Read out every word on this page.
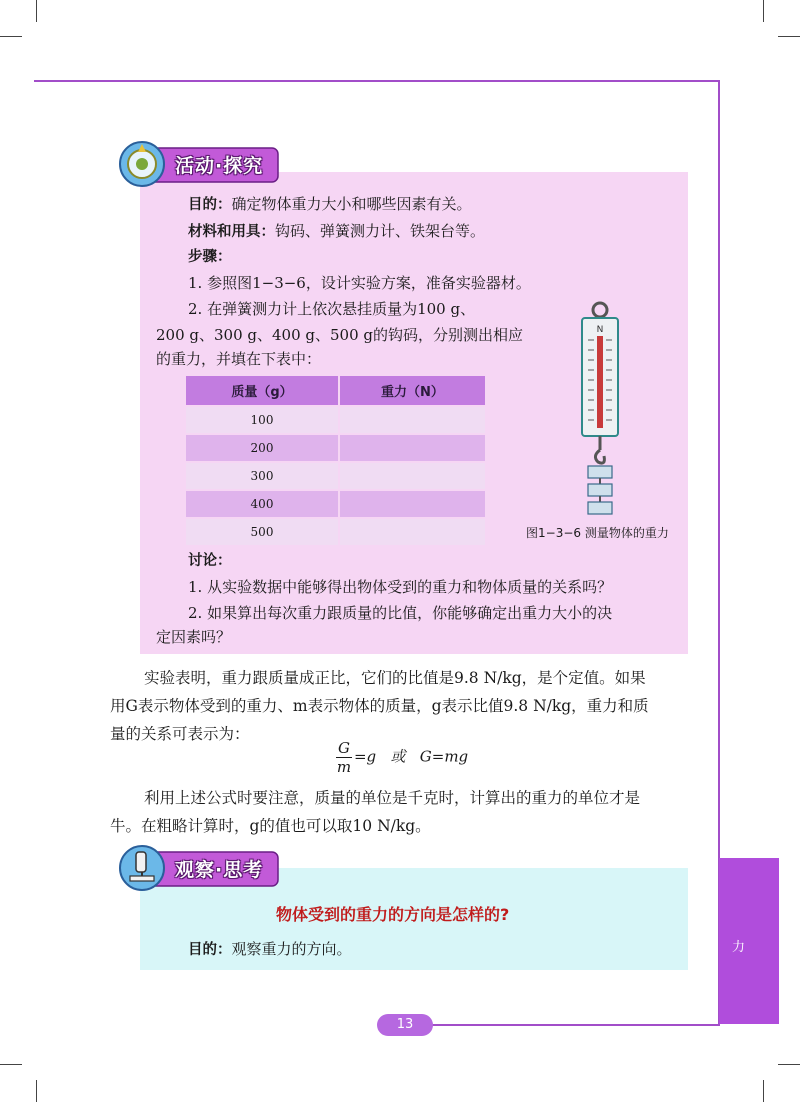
活动·探究
目的：确定物体重力大小和哪些因素有关。
材料和用具：钩码、弹簧测力计、铁架台等。
步骤：
1. 参照图1−3−6，设计实验方案，准备实验器材。
2. 在弹簧测力计上依次悬挂质量为100 g、
200 g、300 g、400 g、500 g的钩码，分别测出相应
的重力，并填在下表中：
质量（g）	重力（N）
100	
200	
300	
400	
500	
N
图1−3−6 测量物体的重力
讨论：
1. 从实验数据中能够得出物体受到的重力和物体质量的关系吗？
2. 如果算出每次重力跟质量的比值，你能够确定出重力大小的决
定因素吗？
实验表明，重力跟质量成正比，它们的比值是9.8 N/kg，是个定值。如果
用G表示物体受到的重力、m表示物体的质量，g表示比值9.8 N/kg，重力和质
量的关系可表示为：
$\frac{G}{m} =g$   或   G=mg
利用上述公式时要注意，质量的单位是千克时，计算出的重力的单位才是
牛。在粗略计算时，g的值也可以取10 N/kg。
观察·思考
物体受到的重力的方向是怎样的?
目的：观察重力的方向。	力
13
